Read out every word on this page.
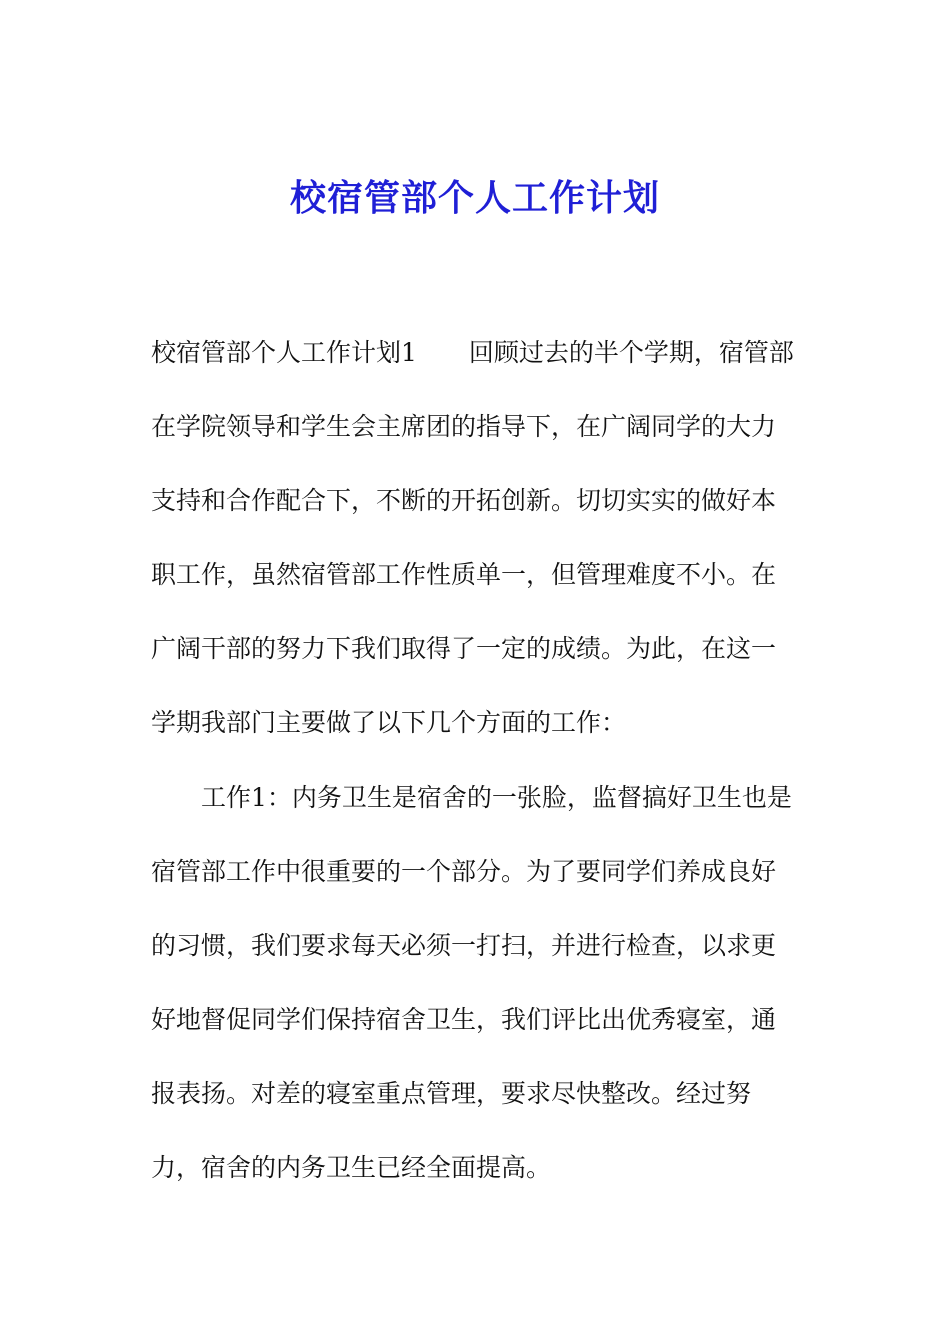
校宿管部个人工作计划
校宿管部个人工作计划1 回顾过去的半个学期，宿管部
在学院领导和学生会主席团的指导下，在广阔同学的大力
支持和合作配合下，不断的开拓创新。切切实实的做好本
职工作，虽然宿管部工作性质单一，但管理难度不小。在
广阔干部的努力下我们取得了一定的成绩。为此，在这一
学期我部门主要做了以下几个方面的工作：
工作1：内务卫生是宿舍的一张脸，监督搞好卫生也是
宿管部工作中很重要的一个部分。为了要同学们养成良好
的习惯，我们要求每天必须一打扫，并进行检查，以求更
好地督促同学们保持宿舍卫生，我们评比出优秀寝室，通
报表扬。对差的寝室重点管理，要求尽快整改。经过努
力，宿舍的内务卫生已经全面提高。
